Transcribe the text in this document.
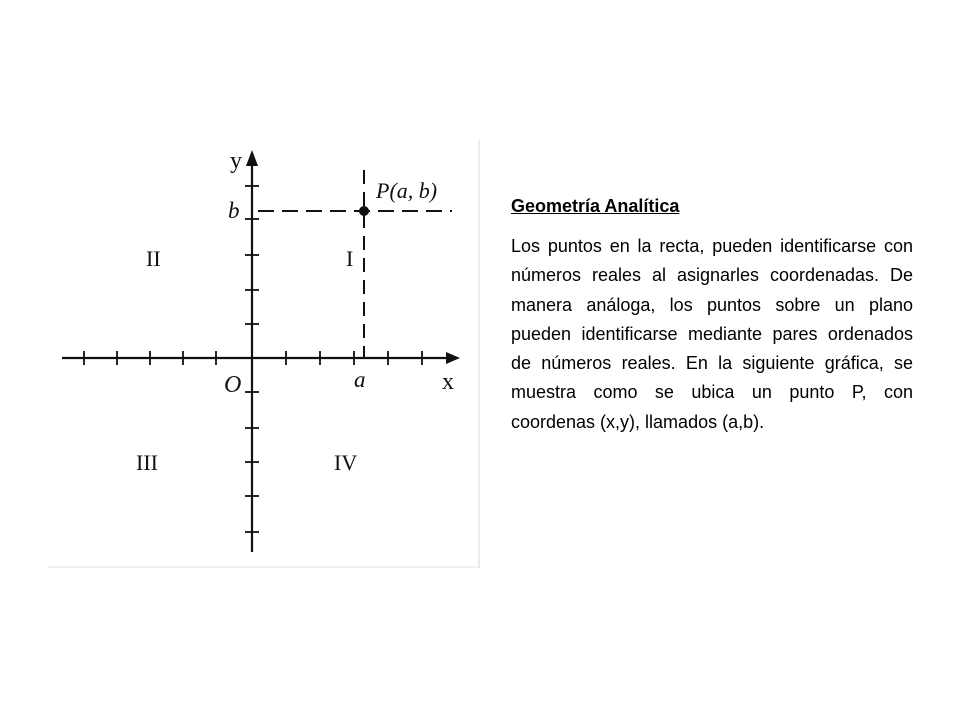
y
x
O
P(a, b)
b
a
II	I
III	IV

Geometría Analítica

Los puntos en la recta, pueden identificarse con números reales al asignarles coordenadas. De manera análoga, los puntos sobre un plano pueden identificarse mediante pares ordenados de números reales. En la siguiente gráfica, se muestra como se ubica un punto P, con coordenas (x,y), llamados (a,b).
